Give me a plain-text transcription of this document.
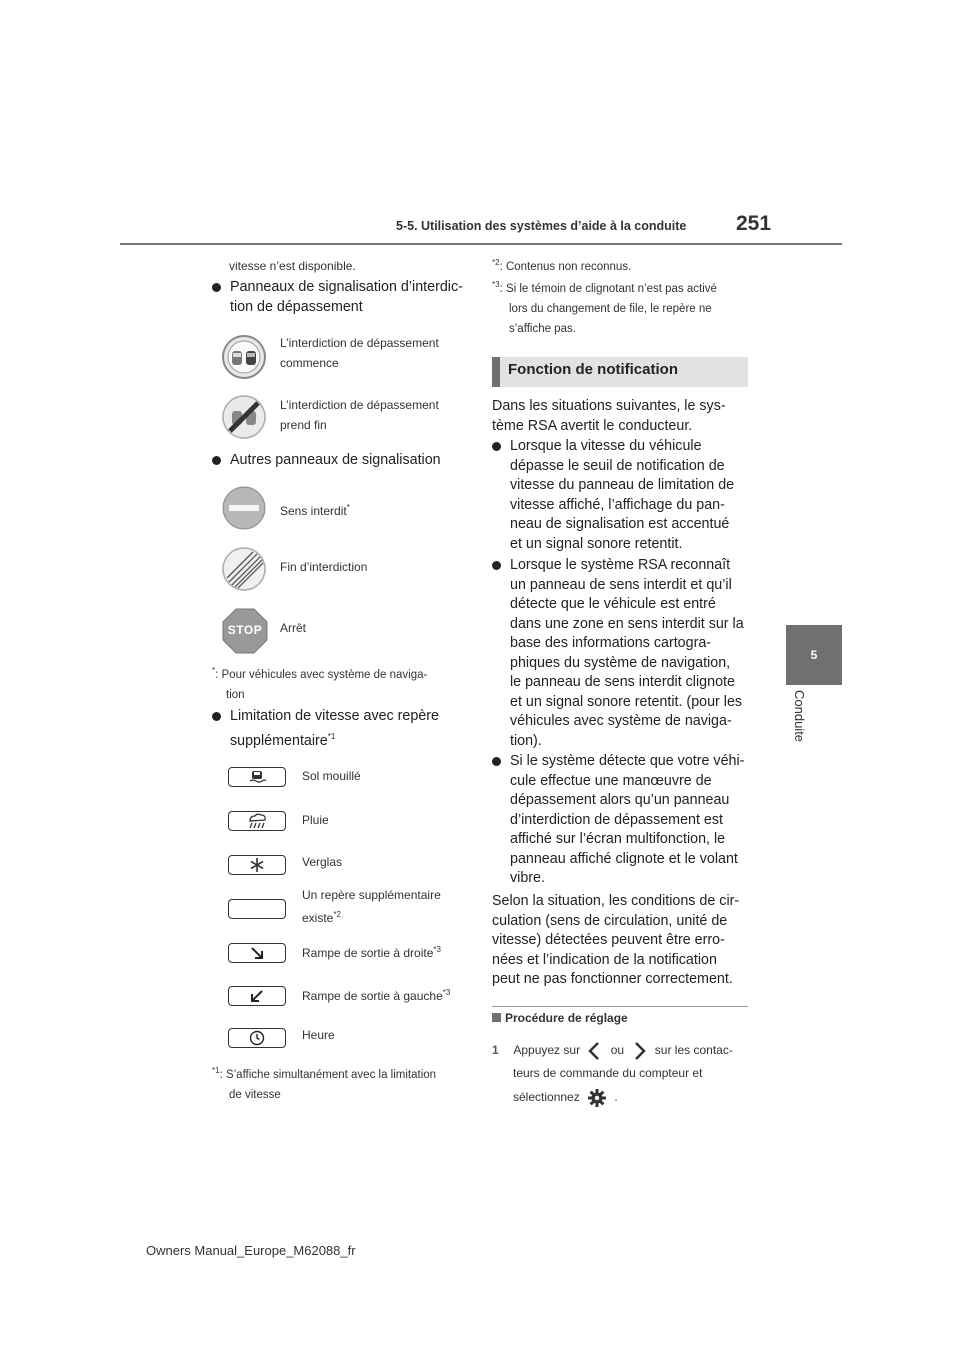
5-5. Utilisation des systèmes d’aide à la conduite 251
5
Conduite
vitesse n’est disponible.
Panneaux de signalisation d’interdic-
tion de dépassement
L’interdiction de dépassement
commence
L’interdiction de dépassement
prend fin
Autres panneaux de signalisation
Sens interdit*
Fin d’interdiction
STOP	Arrêt
*: Pour véhicules avec système de naviga-
tion
Limitation de vitesse avec repère
supplémentaire$^{*1}$
Sol mouillé
Pluie
Verglas
Un repère supplémentaire
existe$^{*2}$
Rampe de sortie à droite$^{*3}$
Rampe de sortie à gauche$^{*3}$
Heure
$^{*1}$: S’affiche simultanément avec la limitation
de vitesse
$^{*2}$: Contenus non reconnus.
$^{*3}$: Si le témoin de clignotant n’est pas activé
lors du changement de file, le repère ne
s’affiche pas.
Fonction de notification
Dans les situations suivantes, le sys-
tème RSA avertit le conducteur.
Lorsque la vitesse du véhicule
dépasse le seuil de notification de
vitesse du panneau de limitation de
vitesse affiché, l’affichage du pan-
neau de signalisation est accentué
et un signal sonore retentit.
Lorsque le système RSA reconnaît
un panneau de sens interdit et qu’il
détecte que le véhicule est entré
dans une zone en sens interdit sur la
base des informations cartogra-
phiques du système de navigation,
le panneau de sens interdit clignote
et un signal sonore retentit. (pour les
véhicules avec système de naviga-
tion).
Si le système détecte que votre véhi-
cule effectue une manœuvre de
dépassement alors qu’un panneau
d’interdiction de dépassement est
affiché sur l’écran multifonction, le
panneau affiché clignote et le volant
vibre.
Selon la situation, les conditions de cir-
culation (sens de circulation, unité de
vitesse) détectées peuvent être erro-
nées et l’indication de la notification
peut ne pas fonctionner correctement.
Procédure de réglage
1 Appuyez sur	ou	sur les contac-
teurs de commande du compteur et
sélectionnez	.
Owners Manual_Europe_M62088_fr
